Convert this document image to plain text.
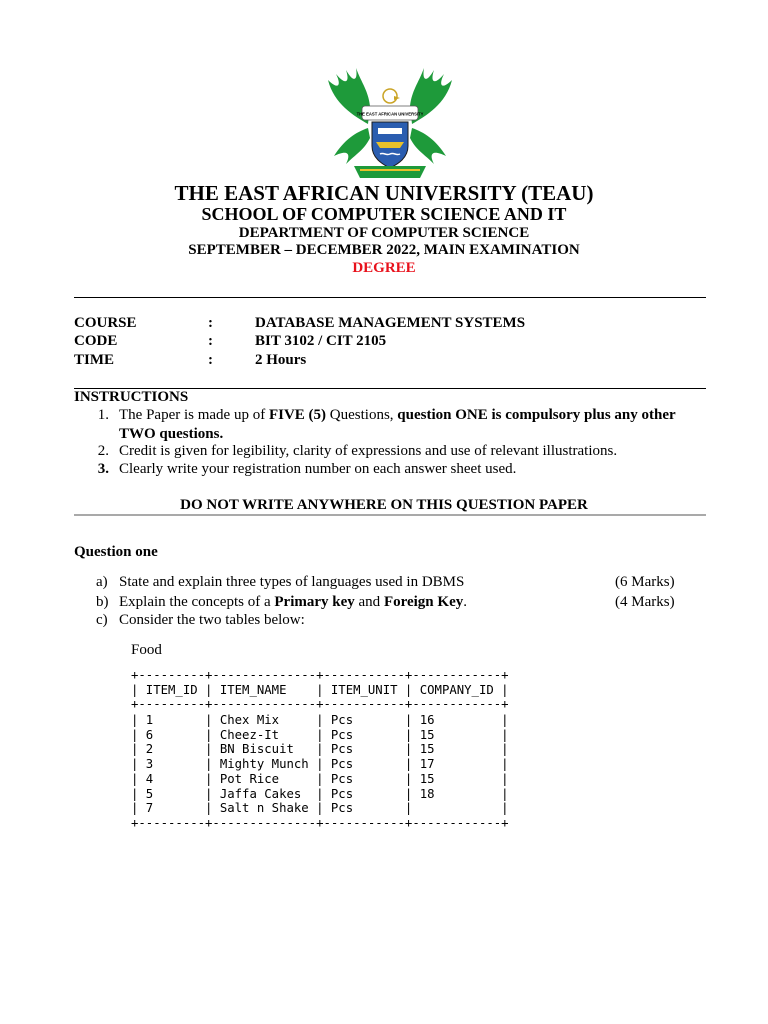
THE EAST AFRICAN UNIVERSITY
THE EAST AFRICAN UNIVERSITY (TEAU)
SCHOOL OF COMPUTER SCIENCE AND IT
DEPARTMENT OF COMPUTER SCIENCE
SEPTEMBER – DECEMBER 2022, MAIN EXAMINATION
DEGREE
COURSE	:	DATABASE MANAGEMENT SYSTEMS
CODE	:	BIT 3102 / CIT 2105
TIME	:	2 Hours
INSTRUCTIONS
1. The Paper is made up of FIVE (5) Questions, question ONE is compulsory plus any other
TWO questions.
2. Credit is given for legibility, clarity of expressions and use of relevant illustrations.
3. Clearly write your registration number on each answer sheet used.
DO NOT WRITE ANYWHERE ON THIS QUESTION PAPER
Question one
a) State and explain three types of languages used in DBMS	(6 Marks)
b) Explain the concepts of a Primary key and Foreign Key.	(4 Marks)
c) Consider the two tables below:
Food
+---------+--------------+-----------+------------+
| ITEM_ID | ITEM_NAME    | ITEM_UNIT | COMPANY_ID |
+---------+--------------+-----------+------------+
| 1       | Chex Mix     | Pcs       | 16         |
| 6       | Cheez-It     | Pcs       | 15         |
| 2       | BN Biscuit   | Pcs       | 15         |
| 3       | Mighty Munch | Pcs       | 17         |
| 4       | Pot Rice     | Pcs       | 15         |
| 5       | Jaffa Cakes  | Pcs       | 18         |
| 7       | Salt n Shake | Pcs       |            |
+---------+--------------+-----------+------------+
